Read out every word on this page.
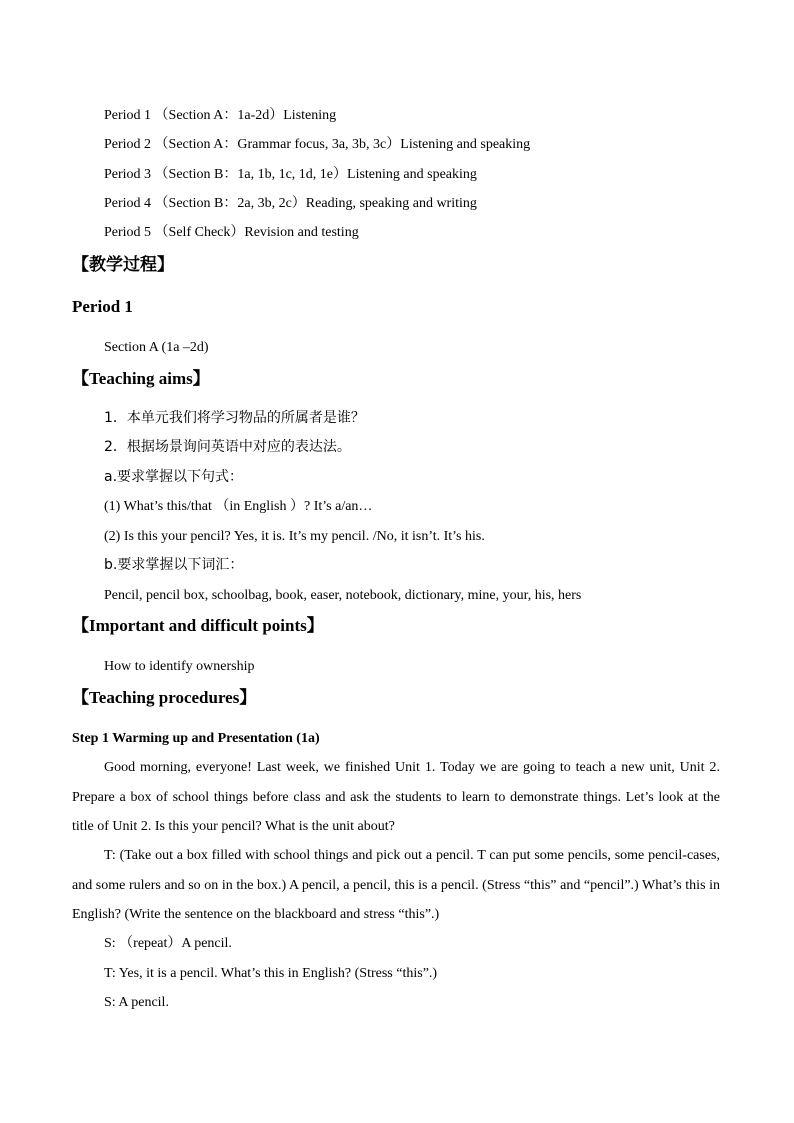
Period 1 （Section A：1a-2d）Listening
Period 2 （Section A：Grammar focus, 3a, 3b, 3c）Listening and speaking
Period 3 （Section B：1a, 1b, 1c, 1d, 1e）Listening and speaking
Period 4 （Section B：2a, 3b, 2c）Reading, speaking and writing
Period 5 （Self Check）Revision and testing
【教学过程】
Period 1
Section A (1a –2d)
【Teaching aims】
1．本单元我们将学习物品的所属者是谁？
2．根据场景询问英语中对应的表达法。
a.要求掌握以下句式：
(1) What’s this/that （in English ）? It’s a/an…
(2) Is this your pencil? Yes, it is. It’s my pencil. /No, it isn’t. It’s his.
b.要求掌握以下词汇：
Pencil, pencil box, schoolbag, book, easer, notebook, dictionary, mine, your, his, hers
【Important and difficult points】
How to identify ownership
【Teaching procedures】
Step 1 Warming up and Presentation (1a)
Good morning, everyone! Last week, we finished Unit 1. Today we are going to teach a new unit, Unit 2. Prepare a box of school things before class and ask the students to learn to demonstrate things. Let’s look at the title of Unit 2. Is this your pencil? What is the unit about?
T: (Take out a box filled with school things and pick out a pencil. T can put some pencils, some pencil-cases, and some rulers and so on in the box.) A pencil, a pencil, this is a pencil. (Stress “this” and “pencil”.) What’s this in English? (Write the sentence on the blackboard and stress “this”.)
S: （repeat）A pencil.
T: Yes, it is a pencil. What’s this in English? (Stress “this”.)
S: A pencil.
